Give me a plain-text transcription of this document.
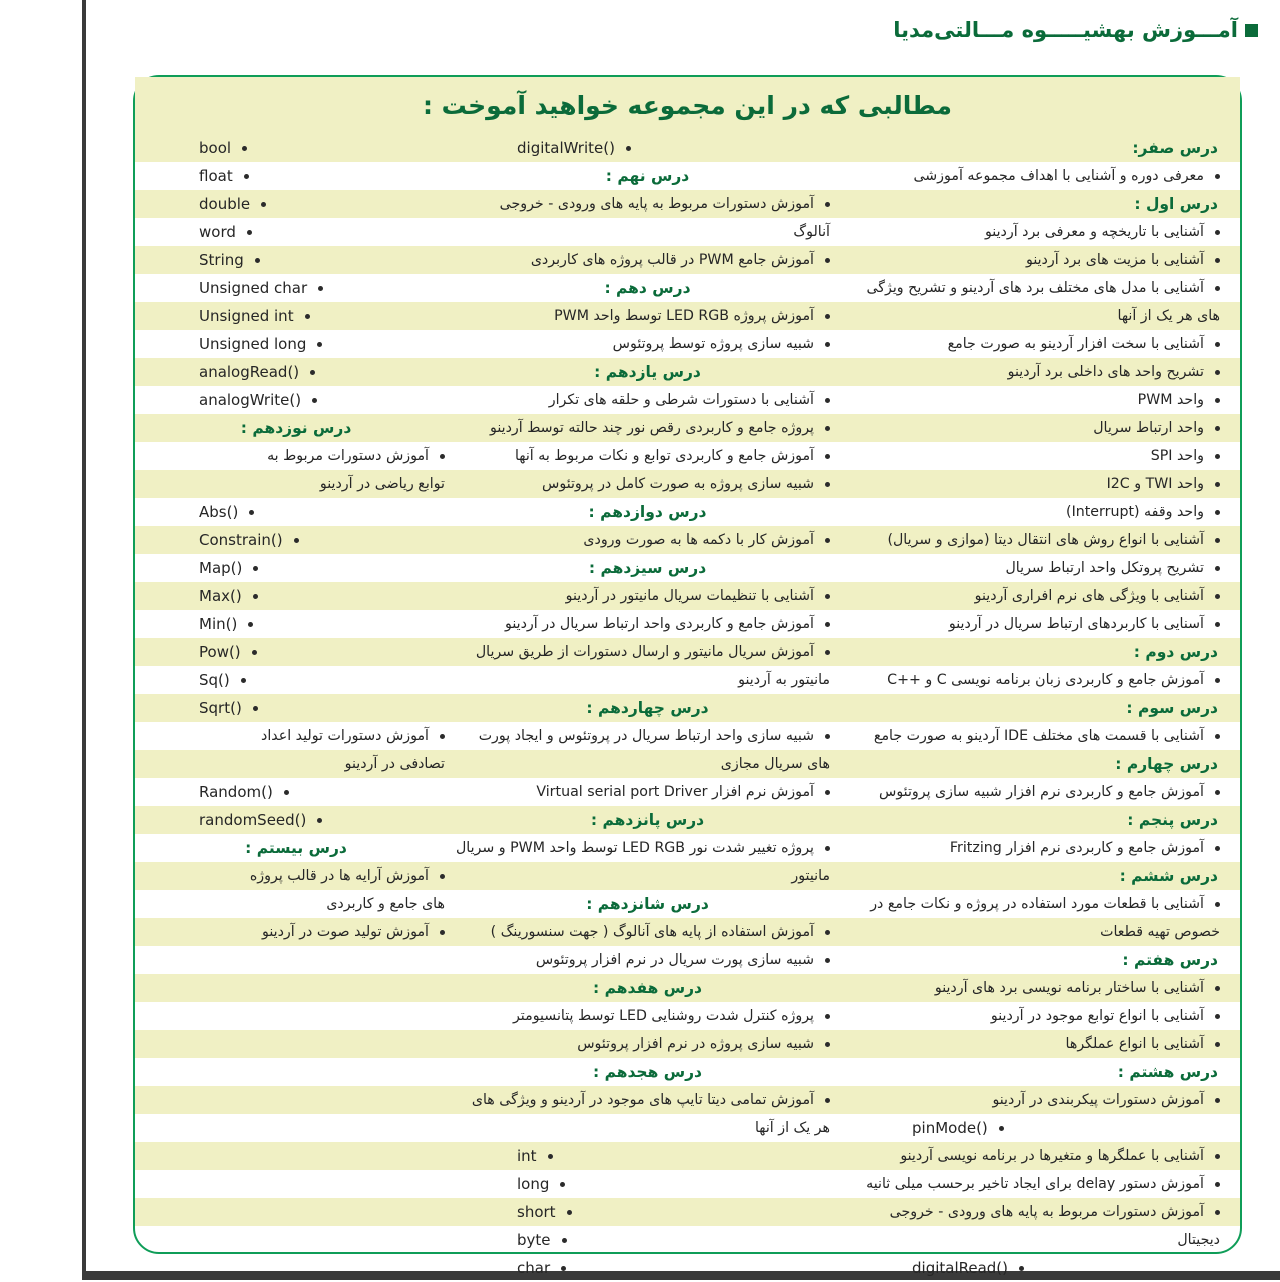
آمـــوزش بهشیـــــوه مـــالتی‌مدیا
مطالبی که در این مجموعه خواهید آموخت :
درس صفر:
معرفی دوره و آشنایی با اهداف مجموعه آموزشی
درس اول :
آشنایی با تاریخچه و معرفی برد آردینو
آشنایی با مزیت های برد آردینو
آشنایی با مدل های مختلف برد های آردینو و تشریح ویژگی
های هر یک از آنها
آشنایی با سخت افزار آردینو به صورت جامع
تشریح واحد های داخلی برد آردینو
واحد PWM
واحد ارتباط سریال
واحد SPI
واحد TWI و I2C
واحد وقفه (Interrupt)
آشنایی با انواع روش های انتقال دیتا (موازی و سریال)
تشریح پروتکل واحد ارتباط سریال
آشنایی با ویژگی های نرم افراری آردینو
آسنایی با کاربردهای ارتباط سریال در آردینو
درس دوم :
آموزش جامع و کاربردی زبان برنامه نویسی C و ++C
درس سوم :
آشنایی با قسمت های مختلف IDE آردینو به صورت جامع
درس چهارم :
آموزش جامع و کاربردی نرم افزار شبیه سازی پروتئوس
درس پنجم :
آموزش جامع و کاربردی نرم افزار Fritzing
درس ششم :
آشنایی با قطعات مورد استفاده در پروژه و نکات جامع در
خصوص تهیه قطعات
درس هفتم :
آشنایی با ساختار برنامه نویسی برد های آردینو
آشنایی با انواع توابع موجود در آردینو
آشنایی با انواع عملگرها
درس هشتم :
آموزش دستورات پیکربندی در آردینو
pinMode()
آشنایی با عملگرها و متغیرها در برنامه نویسی آردینو
آموزش دستور delay برای ایجاد تاخیر برحسب میلی ثانیه
آموزش دستورات مربوط به پایه های ورودی - خروجی
دیجیتال
digitalRead()
digitalWrite()
درس نهم :
آموزش دستورات مربوط به پایه های ورودی - خروجی
آنالوگ
آموزش جامع PWM در قالب پروژه های کاربردی
درس دهم :
آموزش پروژه LED RGB توسط واحد PWM
شبیه سازی پروژه توسط پروتئوس
درس یازدهم :
آشنایی با دستورات شرطی و حلقه های تکرار
پروژه جامع و کاربردی رقص نور چند حالته توسط آردینو
آموزش جامع و کاربردی توابع و نکات مربوط به آنها
شبیه سازی پروژه به صورت کامل در پروتئوس
درس دوازدهم :
آموزش کار با دکمه ها به صورت ورودی
درس سیزدهم :
آشنایی با تنظیمات سریال مانیتور در آردینو
آموزش جامع و کاربردی واحد ارتباط سریال در آردینو
آموزش سریال مانیتور و ارسال دستورات از طریق سریال
مانیتور به آردینو
درس چهاردهم :
شبیه سازی واحد ارتباط سریال در پروتئوس و ایجاد پورت
های سریال مجازی
آموزش نرم افزار Virtual serial port Driver
درس پانزدهم :
پروژه تغییر شدت نور LED RGB توسط واحد PWM و سریال
مانیتور
درس شانزدهم :
آموزش استفاده از پایه های آنالوگ ( جهت سنسورینگ )
شبیه سازی پورت سریال در نرم افزار پروتئوس
درس هفدهم :
پروژه کنترل شدت روشنایی LED توسط پتانسیومتر
شبیه سازی پروژه در نرم افزار پروتئوس
درس هجدهم :
آموزش تمامی دیتا تایپ های موجود در آردینو و ویژگی های
هر یک از آنها
int
long
short
byte
char
bool
float
double
word
String
Unsigned char
Unsigned int
Unsigned long
analogRead()
analogWrite()
درس نوزدهم :
آموزش دستورات مربوط به
توابع ریاضی در آردینو
Abs()
Constrain()
Map()
Max()
Min()
Pow()
Sq()
Sqrt()
آموزش دستورات تولید اعداد
تصادفی در آردینو
Random()
randomSeed()
درس بیستم :
آموزش آرایه ها در قالب پروژه
های جامع و کاربردی
آموزش تولید صوت در آردینو
